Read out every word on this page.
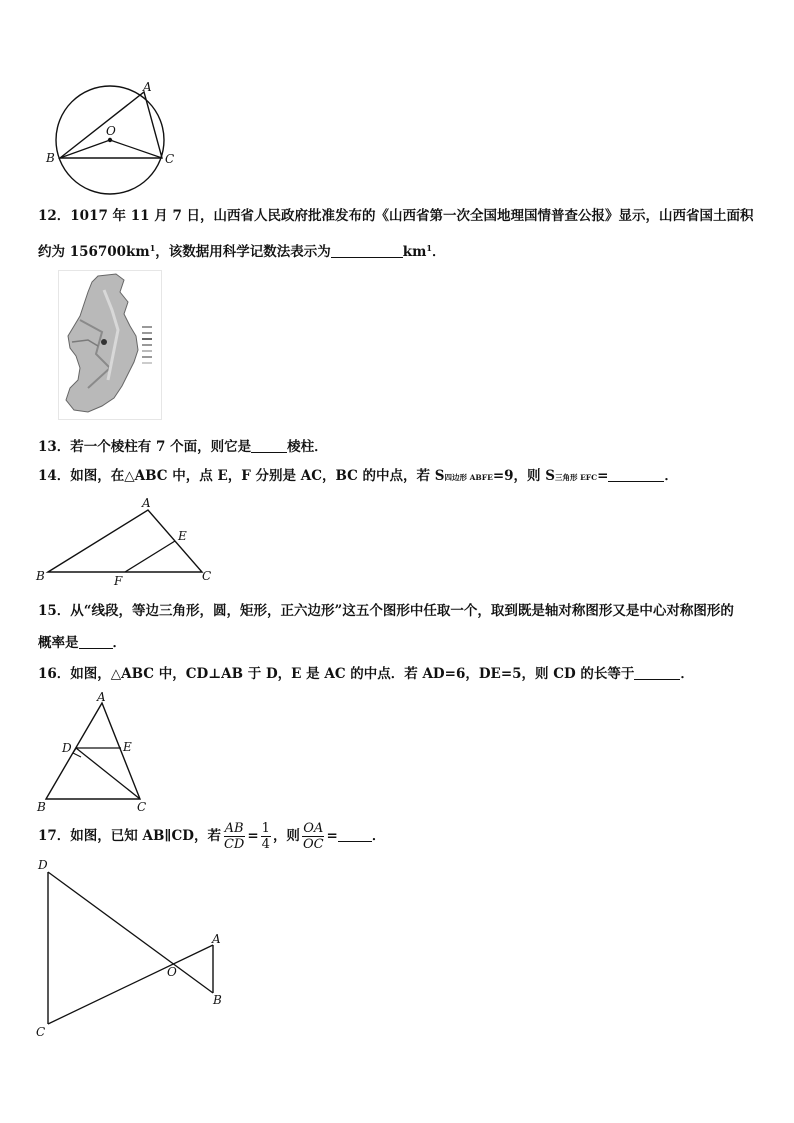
A
O
B	C
12．1017 年 11 月 7 日，山西省人民政府批准发布的《山西省第一次全国地理国情普查公报》显示，山西省国土面积
约为 $156700km^1$，该数据用科学记数法表示为	$km^1$．
13．若一个棱柱有 7 个面，则它是	棱柱．
14．如图，在△ABC 中，点 E，F 分别是 AC，BC 的中点，若 S四边形 ABFE=9，则 S三角形 EFC=	．
A
E
B	F	C
15．从“线段，等边三角形，圆，矩形，正六边形”这五个图形中任取一个，取到既是轴对称图形又是中心对称图形的
概率是	．
16．如图，△ABC 中，CD⊥AB 于 D，E 是 AC 的中点．若 AD=6，DE=5，则 CD 的长等于	．
A
D	E
B	C
17．如图，已知 AB∥CD，若 $\frac{AB}{CD} = \frac{1}{4}$ ，则 $\frac{OA}{OC}$ =	．
D
A
O
B
C
